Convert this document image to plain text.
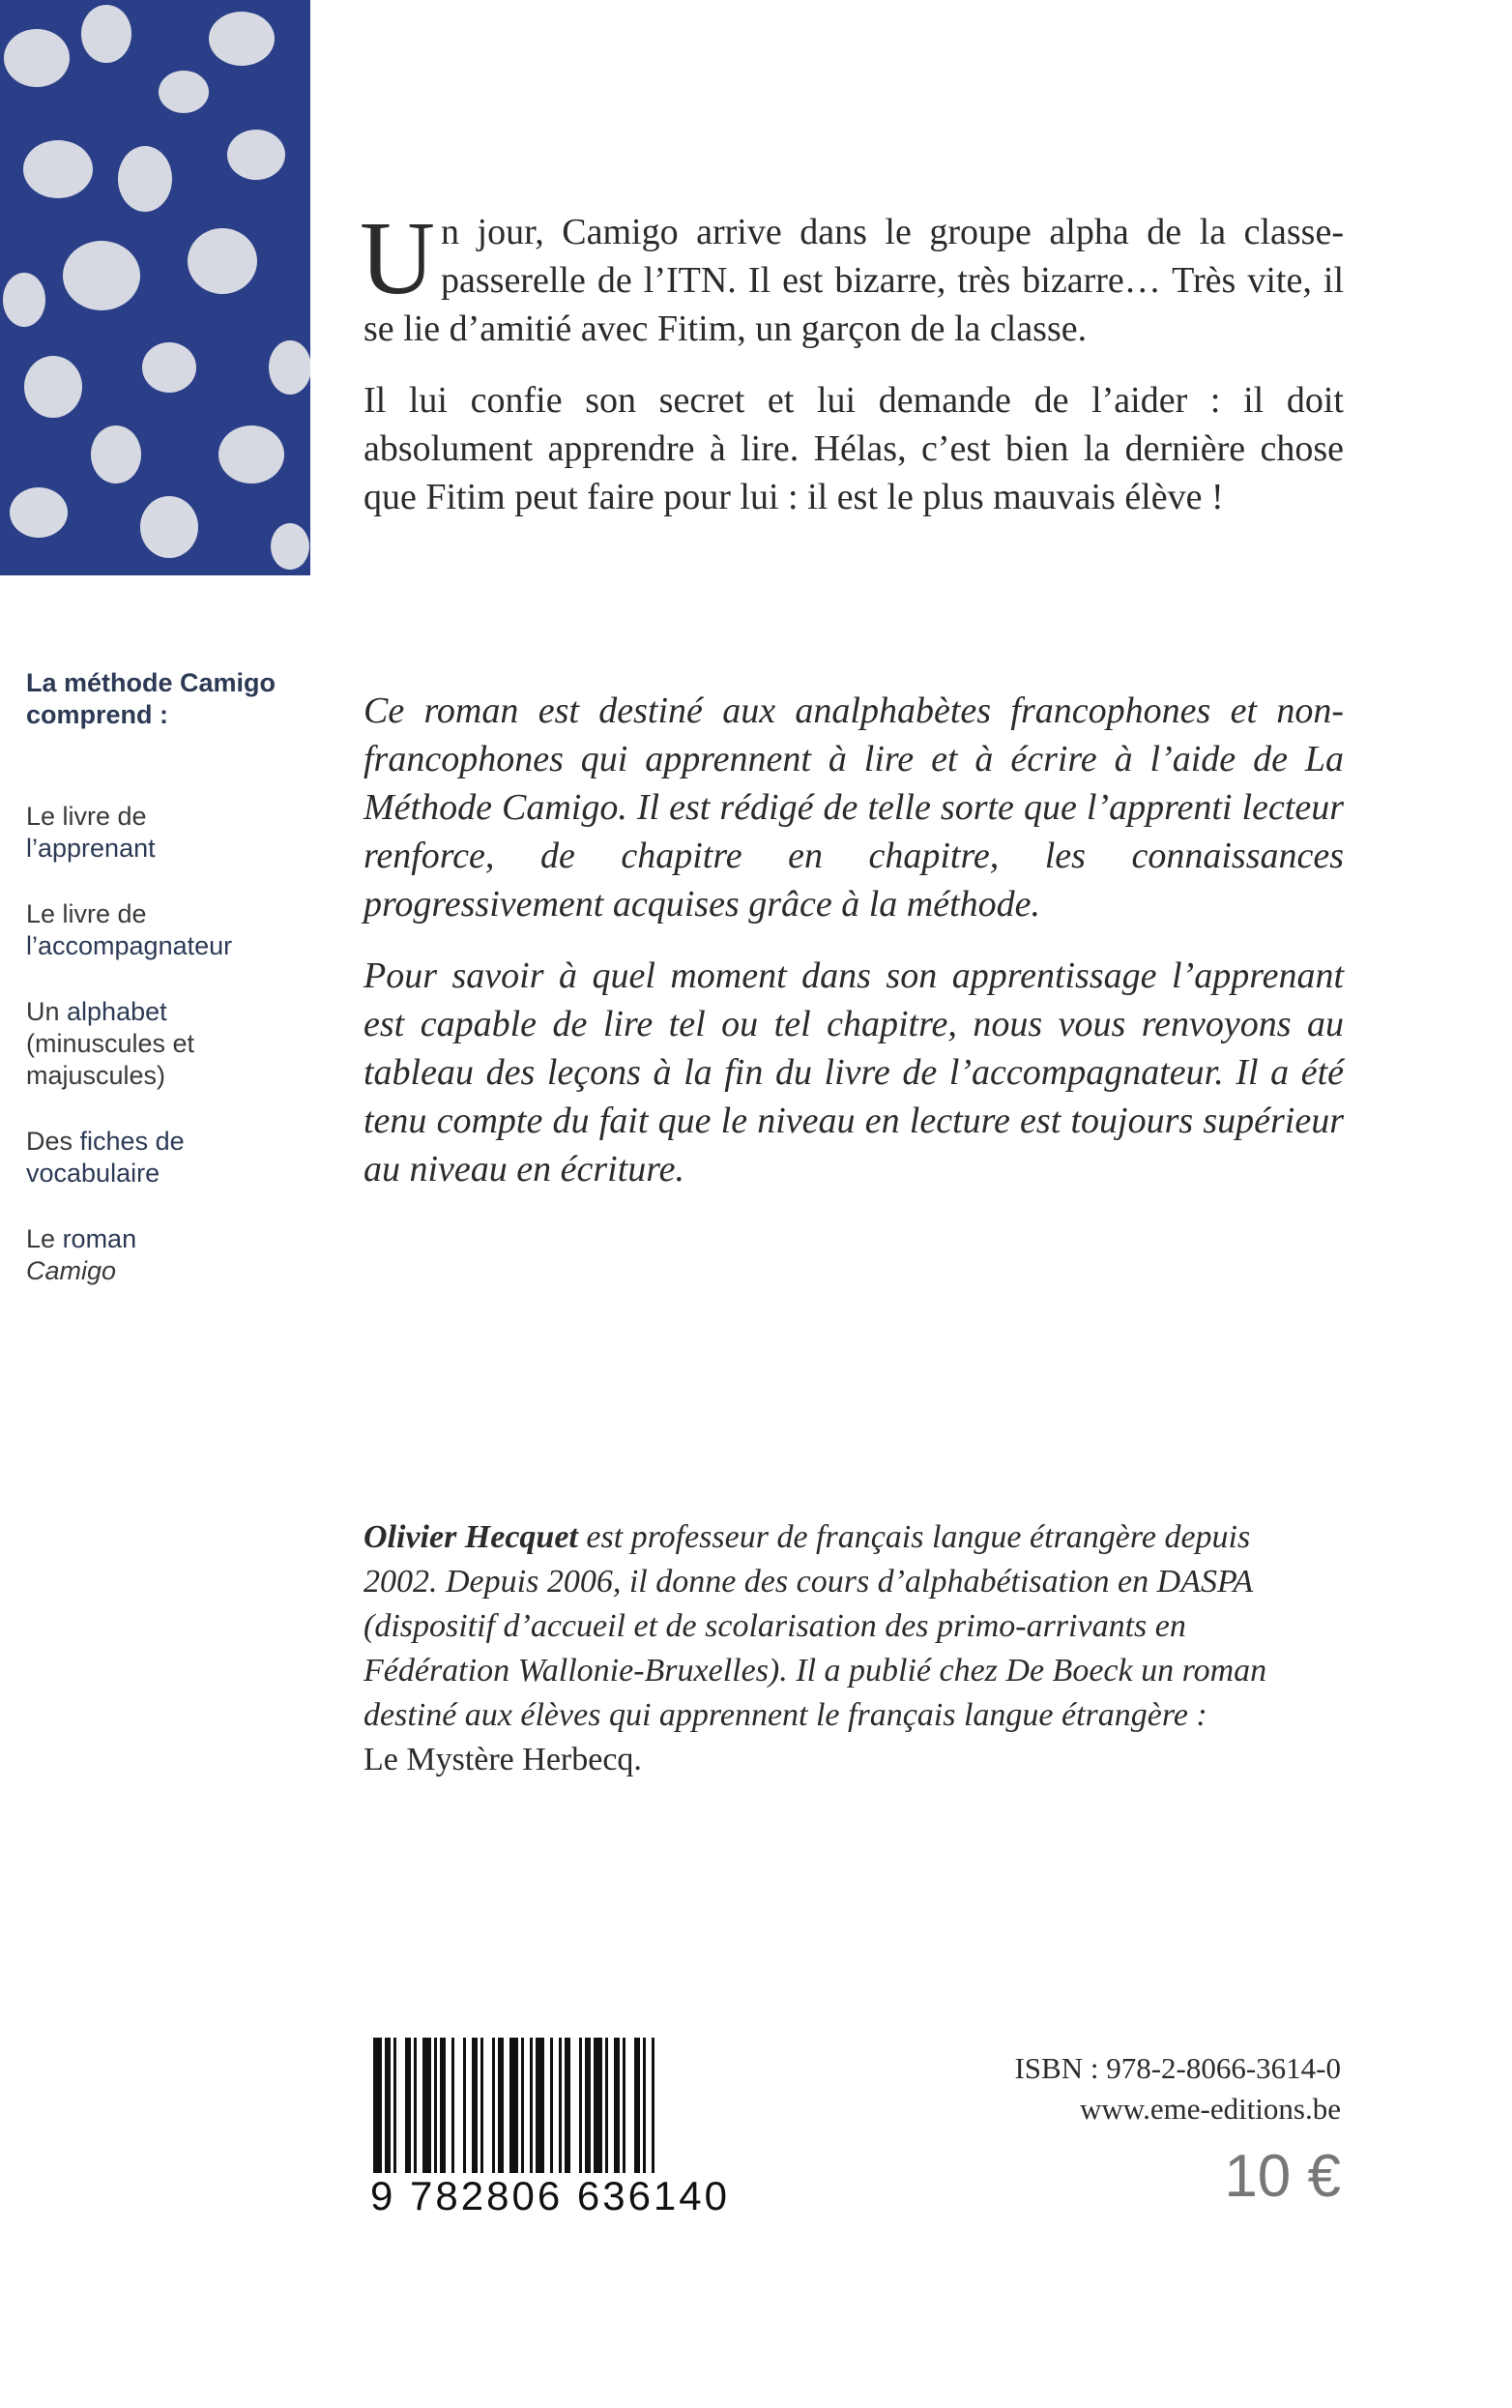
Un jour, Camigo arrive dans le groupe alpha de la classe-passerelle de l’ITN. Il est bizarre, très bizarre… Très vite, il se lie d’amitié avec Fitim, un garçon de la classe.

Il lui confie son secret et lui demande de l’aider : il doit absolument apprendre à lire. Hélas, c’est bien la dernière chose que Fitim peut faire pour lui : il est le plus mauvais élève !

La méthode Camigo comprend :
Le livre de
l’apprenant
Le livre de
l’accompagnateur
Un alphabet
(minuscules et majuscules)
Des fiches de vocabulaire
Le roman
Camigo

Ce roman est destiné aux analphabètes francophones et non-francophones qui apprennent à lire et à écrire à l’aide de La Méthode Camigo. Il est rédigé de telle sorte que l’apprenti lecteur renforce, de chapitre en chapitre, les connaissances progressivement acquises grâce à la méthode.

Pour savoir à quel moment dans son apprentissage l’apprenant est capable de lire tel ou tel chapitre, nous vous renvoyons au tableau des leçons à la fin du livre de l’accompagnateur. Il a été tenu compte du fait que le niveau en lecture est toujours supérieur au niveau en écriture.

Olivier Hecquet est professeur de français langue étrangère depuis 2002. Depuis 2006, il donne des cours d’alphabétisation en DASPA (dispositif d’accueil et de scolarisation des primo-arrivants en Fédération Wallonie-Bruxelles). Il a publié chez De Boeck un roman destiné aux élèves qui apprennent le français langue étrangère :
Le Mystère Herbecq.

9 782806 636140
ISBN : 978-2-8066-3614-0
www.eme-editions.be
10 €
